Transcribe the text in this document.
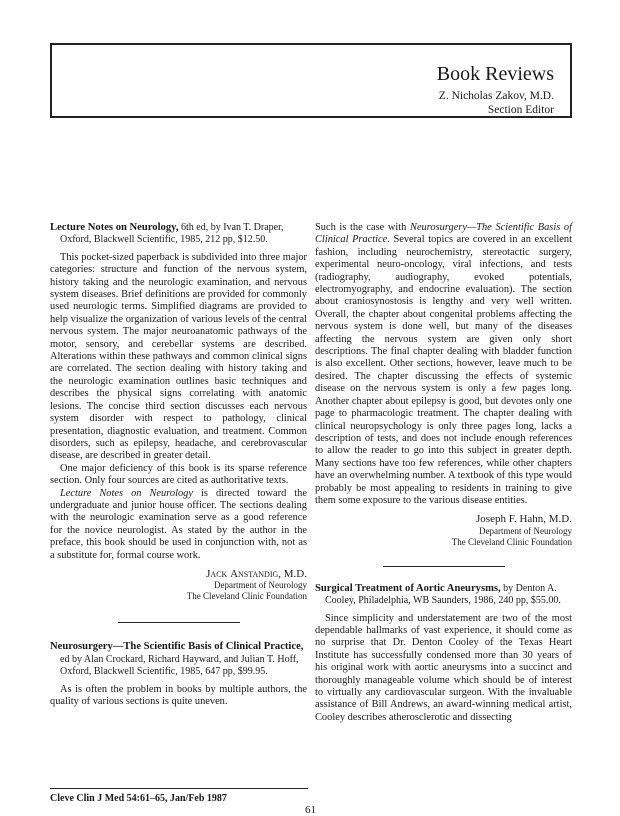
Book Reviews
Z. Nicholas Zakov, M.D.
Section Editor

Lecture Notes on Neurology, 6th ed, by Ivan T. Draper, Oxford, Blackwell Scientific, 1985, 212 pp, $12.50.

This pocket-sized paperback is subdivided into three major categories: structure and function of the nervous system, history taking and the neurologic examination, and nervous system diseases. Brief definitions are provided for commonly used neurologic terms. Simplified diagrams are provided to help visualize the organization of various levels of the central nervous system. The major neuroanatomic pathways of the motor, sensory, and cerebellar systems are described. Alterations within these pathways and common clinical signs are correlated. The section dealing with history taking and the neurologic examination outlines basic techniques and describes the physical signs correlating with anatomic lesions. The concise third section discusses each nervous system disorder with respect to pathology, clinical presentation, diagnostic evaluation, and treatment. Common disorders, such as epilepsy, headache, and cerebrovascular disease, are described in greater detail.

One major deficiency of this book is its sparse reference section. Only four sources are cited as authoritative texts.

Lecture Notes on Neurology is directed toward the undergraduate and junior house officer. The sections dealing with the neurologic examination serve as a good reference for the novice neurologist. As stated by the author in the preface, this book should be used in conjunction with, not as a substitute for, formal course work.

Jack Anstandig, M.D.
Department of Neurology
The Cleveland Clinic Foundation

Neurosurgery—The Scientific Basis of Clinical Practice, ed by Alan Crockard, Richard Hayward, and Julian T. Hoff, Oxford, Blackwell Scientific, 1985, 647 pp, $99.95.

As is often the problem in books by multiple authors, the quality of various sections is quite uneven.

Such is the case with Neurosurgery—The Scientific Basis of Clinical Practice. Several topics are covered in an excellent fashion, including neurochemistry, stereotactic surgery, experimental neuro-oncology, viral infections, and tests (radiography, audiography, evoked potentials, electromyography, and endocrine evaluation). The section about craniosynostosis is lengthy and very well written. Overall, the chapter about congenital problems affecting the nervous system is done well, but many of the diseases affecting the nervous system are given only short descriptions. The final chapter dealing with bladder function is also excellent. Other sections, however, leave much to be desired. The chapter discussing the effects of systemic disease on the nervous system is only a few pages long. Another chapter about epilepsy is good, but devotes only one page to pharmacologic treatment. The chapter dealing with clinical neuropsychology is only three pages long, lacks a description of tests, and does not include enough references to allow the reader to go into this subject in greater depth. Many sections have too few references, while other chapters have an overwhelming number. A textbook of this type would probably be most appealing to residents in training to give them some exposure to the various disease entities.

Joseph F. Hahn, M.D.
Department of Neurology
The Cleveland Clinic Foundation

Surgical Treatment of Aortic Aneurysms, by Denton A. Cooley, Philadelphia, WB Saunders, 1986, 240 pp, $55.00.

Since simplicity and understatement are two of the most dependable hallmarks of vast experience, it should come as no surprise that Dr. Denton Cooley of the Texas Heart Institute has successfully condensed more than 30 years of his original work with aortic aneurysms into a succinct and thoroughly manageable volume which should be of interest to virtually any cardiovascular surgeon. With the invaluable assistance of Bill Andrews, an award-winning medical artist, Cooley describes atherosclerotic and dissecting

Cleve Clin J Med 54:61–65, Jan/Feb 1987
61
